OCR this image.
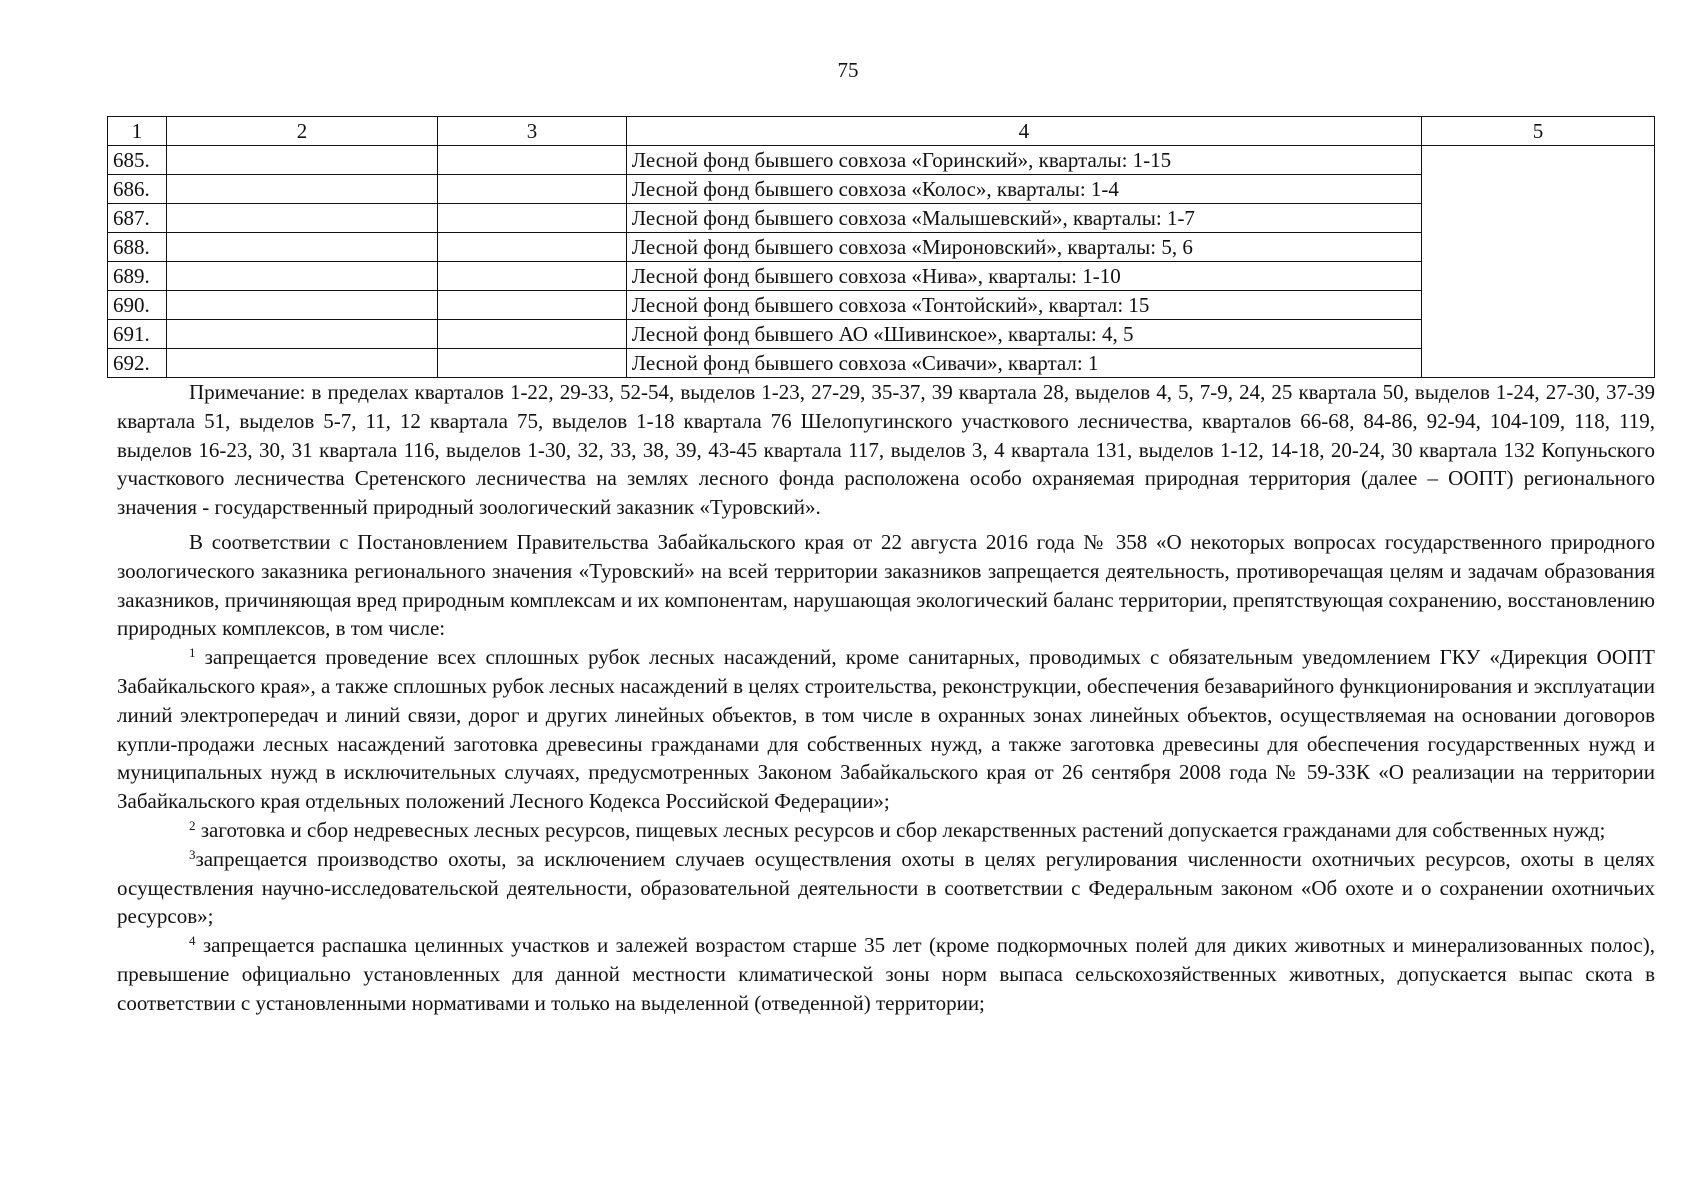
75
1	2	3	4	5
685.			Лесной фонд бывшего совхоза «Горинский», кварталы: 1-15	
686.			Лесной фонд бывшего совхоза «Колос», кварталы: 1-4	
687.			Лесной фонд бывшего совхоза «Малышевский», кварталы: 1-7	
688.			Лесной фонд бывшего совхоза «Мироновский», кварталы: 5, 6	
689.			Лесной фонд бывшего совхоза «Нива», кварталы: 1-10	
690.			Лесной фонд бывшего совхоза «Тонтойский», квартал: 15	
691.			Лесной фонд бывшего АО «Шивинское», кварталы: 4, 5	
692.			Лесной фонд бывшего совхоза «Сивачи», квартал: 1	

Примечание: в пределах кварталов 1-22, 29-33, 52-54, выделов 1-23, 27-29, 35-37, 39 квартала 28, выделов 4, 5, 7-9, 24, 25 квартала 50, выделов 1-24, 27-30, 37-39 квартала 51, выделов 5-7, 11, 12 квартала 75, выделов 1-18 квартала 76 Шелопугинского участкового лесничества, кварталов 66-68, 84-86, 92-94, 104-109, 118, 119, выделов 16-23, 30, 31 квартала 116, выделов 1-30, 32, 33, 38, 39, 43-45 квартала 117, выделов 3, 4 квартала 131, выделов 1-12, 14-18, 20-24, 30 квартала 132 Копуньского участкового лесничества Сретенского лесничества на землях лесного фонда расположена особо охраняемая природная территория (далее – ООПТ) регионального значения - государственный природный зоологический заказник «Туровский».

В соответствии с Постановлением Правительства Забайкальского края от 22 августа 2016 года № 358 «О некоторых вопросах государственного природного зоологического заказника регионального значения «Туровский» на всей территории заказников запрещается деятельность, противоречащая целям и задачам образования заказников, причиняющая вред природным комплексам и их компонентам, нарушающая экологический баланс территории, препятствующая сохранению, восстановлению природных комплексов, в том числе:

$^1$ запрещается проведение всех сплошных рубок лесных насаждений, кроме санитарных, проводимых с обязательным уведомлением ГКУ «Дирекция ООПТ Забайкальского края», а также сплошных рубок лесных насаждений в целях строительства, реконструкции, обеспечения безаварийного функционирования и эксплуатации линий электропередач и линий связи, дорог и других линейных объектов, в том числе в охранных зонах линейных объектов, осуществляемая на основании договоров купли-продажи лесных насаждений заготовка древесины гражданами для собственных нужд, а также заготовка древесины для обеспечения государственных нужд и муниципальных нужд в исключительных случаях, предусмотренных Законом Забайкальского края от 26 сентября 2008 года № 59-ЗЗК «О реализации на территории Забайкальского края отдельных положений Лесного Кодекса Российской Федерации»;

$^2$ заготовка и сбор недревесных лесных ресурсов, пищевых лесных ресурсов и сбор лекарственных растений допускается гражданами для собственных нужд;

$^3$запрещается производство охоты, за исключением случаев осуществления охоты в целях регулирования численности охотничьих ресурсов, охоты в целях осуществления научно-исследовательской деятельности, образовательной деятельности в соответствии с Федеральным законом «Об охоте и о сохранении охотничьих ресурсов»;

$^4$ запрещается распашка целинных участков и залежей возрастом старше 35 лет (кроме подкормочных полей для диких животных и минерализованных полос), превышение официально установленных для данной местности климатической зоны норм выпаса сельскохозяйственных животных, допускается выпас скота в соответствии с установленными нормативами и только на выделенной (отведенной) территории;
